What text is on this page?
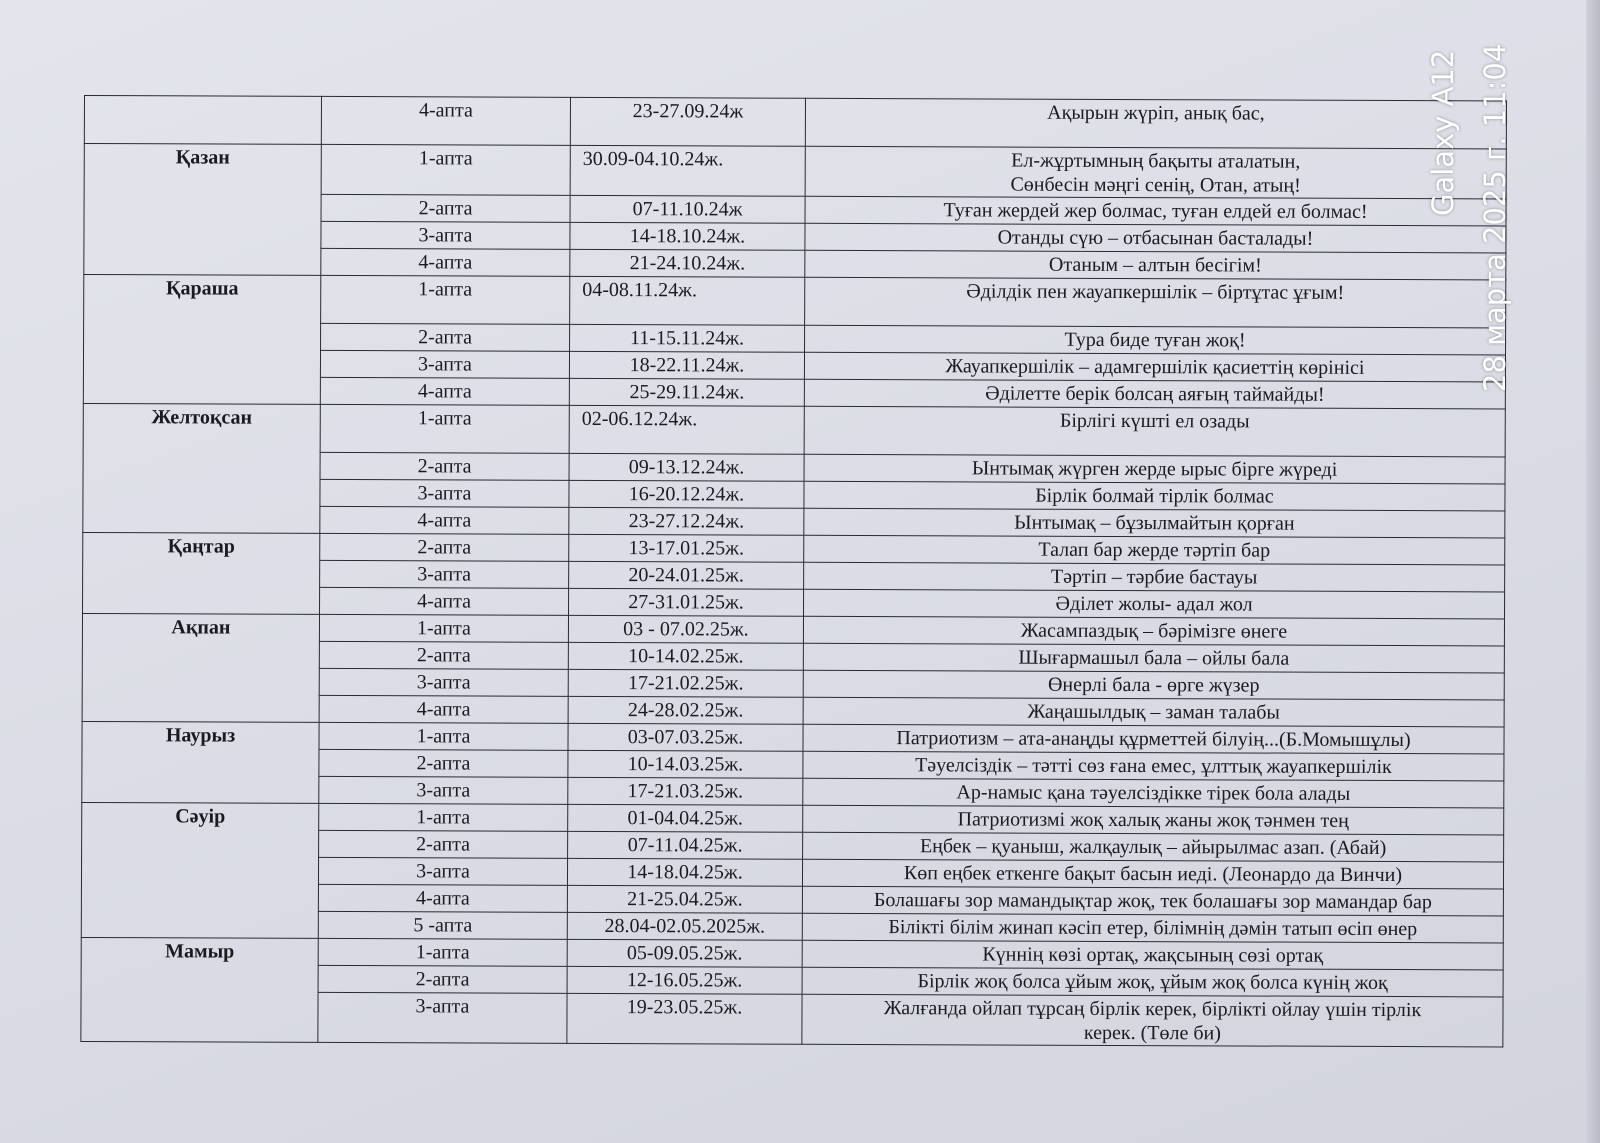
	4-апта	23-27.09.24ж	Ақырын жүріп, анық бас,
Қазан	1-апта	30.09-04.10.24ж.	Ел-жұртымның бақыты аталатын,
Сөнбесін мәңгі сенің, Отан, атың!
	2-апта	07-11.10.24ж	Туған жердей жер болмас, туған елдей ел болмас!
	3-апта	14-18.10.24ж.	Отанды сүю – отбасынан басталады!
	4-апта	21-24.10.24ж.	Отаным – алтын бесігім!
Қараша	1-апта	04-08.11.24ж.	Әділдік пен жауапкершілік – біртұтас ұғым!
	2-апта	11-15.11.24ж.	Тура биде туған жоқ!
	3-апта	18-22.11.24ж.	Жауапкершілік – адамгершілік қасиеттің көрінісі
	4-апта	25-29.11.24ж.	Әділетте берік болсаң аяғың таймайды!
Желтоқсан	1-апта	02-06.12.24ж.	Бірлігі күшті ел озады
	2-апта	09-13.12.24ж.	Ынтымақ жүрген жерде ырыс бірге жүреді
	3-апта	16-20.12.24ж.	Бірлік болмай тірлік болмас
	4-апта	23-27.12.24ж.	Ынтымақ – бұзылмайтын қорған
Қаңтар	2-апта	13-17.01.25ж.	Талап бар жерде тәртіп бар
	3-апта	20-24.01.25ж.	Тәртіп – тәрбие бастауы
	4-апта	27-31.01.25ж.	Әділет жолы- адал жол
Ақпан	1-апта	03 - 07.02.25ж.	Жасампаздық – бәрімізге өнеге
	2-апта	10-14.02.25ж.	Шығармашыл бала – ойлы бала
	3-апта	17-21.02.25ж.	Өнерлі бала - өрге жүзер
	4-апта	24-28.02.25ж.	Жаңашылдық – заман талабы
Наурыз	1-апта	03-07.03.25ж.	Патриотизм – ата-анаңды құрметтей білуің...(Б.Момышұлы)
	2-апта	10-14.03.25ж.	Тәуелсіздік – тәтті сөз ғана емес, ұлттық жауапкершілік
	3-апта	17-21.03.25ж.	Ар-намыс қана тәуелсіздікке тірек бола алады
Сәуір	1-апта	01-04.04.25ж.	Патриотизмі жоқ халық жаны жоқ тәнмен тең
	2-апта	07-11.04.25ж.	Еңбек – қуаныш, жалқаулық – айырылмас азап. (Абай)
	3-апта	14-18.04.25ж.	Көп еңбек еткенге бақыт басын иеді. (Леонардо да Винчи)
	4-апта	21-25.04.25ж.	Болашағы зор мамандықтар жоқ, тек болашағы зор мамандар бар
	5 -апта	28.04-02.05.2025ж.	Білікті білім жинап кәсіп етер, білімнің дәмін татып өсіп өнер
Мамыр	1-апта	05-09.05.25ж.	Күннің көзі ортақ, жақсының сөзі ортақ
	2-апта	12-16.05.25ж.	Бірлік жоқ болса ұйым жоқ, ұйым жоқ болса күнің жоқ
	3-апта	19-23.05.25ж.	Жалғанда ойлап тұрсаң бірлік керек, бірлікті ойлау үшін тірлік
керек. (Төле би)
Galaxy A12 28 марта 2025 г. 11:04
